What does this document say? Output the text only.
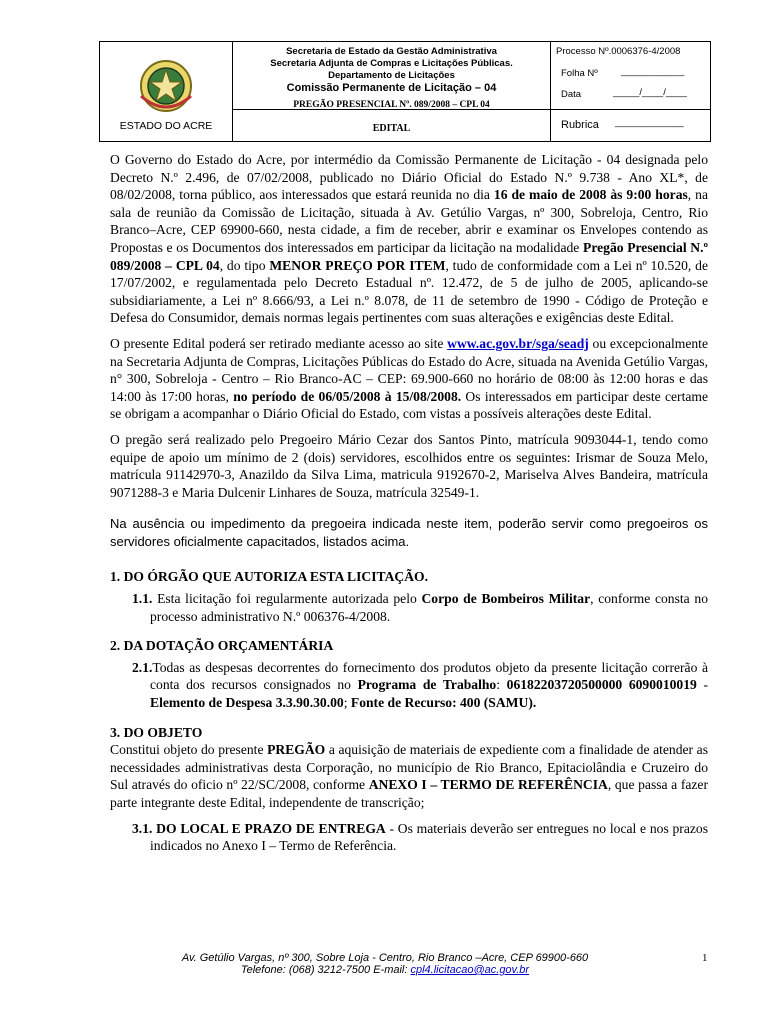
ESTADO DO ACRE
Secretaria de Estado da Gestão Administrativa
Secretaria Adjunta de Compras e Licitações Públicas.
Departamento de Licitações
Comissão Permanente de Licitação – 04
PREGÃO PRESENCIAL Nº. 089/2008 – CPL 04
EDITAL
Processo Nº.0006376-4/2008
Folha Nº ____________
Data	_____/____/____
Rubrica _____________

O Governo do Estado do Acre, por intermédio da Comissão Permanente de Licitação - 04 designada pelo Decreto N.º 2.496, de 07/02/2008, publicado no Diário Oficial do Estado N.º 9.738 - Ano XL*, de 08/02/2008, torna público, aos interessados que estará reunida no dia 16 de maio de 2008 às 9:00 horas, na sala de reunião da Comissão de Licitação, situada à Av. Getúlio Vargas, nº 300, Sobreloja, Centro, Rio Branco–Acre, CEP 69900-660, nesta cidade, a fim de receber, abrir e examinar os Envelopes contendo as Propostas e os Documentos dos interessados em participar da licitação na modalidade Pregão Presencial N.º 089/2008 – CPL 04, do tipo MENOR PREÇO POR ITEM, tudo de conformidade com a Lei nº 10.520, de 17/07/2002, e regulamentada pelo Decreto Estadual nº. 12.472, de 5 de julho de 2005, aplicando-se subsidiariamente, a Lei nº 8.666/93, a Lei n.º 8.078, de 11 de setembro de 1990 - Código de Proteção e Defesa do Consumidor, demais normas legais pertinentes com suas alterações e exigências deste Edital.

O presente Edital poderá ser retirado mediante acesso ao site www.ac.gov.br/sga/seadj ou excepcionalmente na Secretaria Adjunta de Compras, Licitações Públicas do Estado do Acre, situada na Avenida Getúlio Vargas, n° 300, Sobreloja - Centro – Rio Branco-AC – CEP: 69.900-660 no horário de 08:00 às 12:00 horas e das 14:00 às 17:00 horas, no período de 06/05/2008 à 15/08/2008. Os interessados em participar deste certame se obrigam a acompanhar o Diário Oficial do Estado, com vistas a possíveis alterações deste Edital.

O pregão será realizado pelo Pregoeiro Mário Cezar dos Santos Pinto, matrícula 9093044-1, tendo como equipe de apoio um mínimo de 2 (dois) servidores, escolhidos entre os seguintes: Irismar de Souza Melo, matrícula 91142970-3, Anazildo da Silva Lima, matricula 9192670-2, Mariselva Alves Bandeira, matrícula 9071288-3 e Maria Dulcenir Linhares de Souza, matrícula 32549-1.

Na ausência ou impedimento da pregoeira indicada neste item, poderão servir como pregoeiros os servidores oficialmente capacitados, listados acima.

1. DO ÓRGÃO QUE AUTORIZA ESTA LICITAÇÃO.

1.1. Esta licitação foi regularmente autorizada pelo Corpo de Bombeiros Militar, conforme consta no processo administrativo N.º 006376-4/2008.

2. DA DOTAÇÃO ORÇAMENTÁRIA

2.1.Todas as despesas decorrentes do fornecimento dos produtos objeto da presente licitação correrão à conta dos recursos consignados no Programa de Trabalho: 06182203720500000 6090010019 - Elemento de Despesa 3.3.90.30.00; Fonte de Recurso: 400 (SAMU).

3. DO OBJETO

Constitui objeto do presente PREGÃO a aquisição de materiais de expediente com a finalidade de atender as necessidades administrativas desta Corporação, no município de Rio Branco, Epitaciolândia e Cruzeiro do Sul através do oficio nº 22/SC/2008, conforme ANEXO I – TERMO DE REFERÊNCIA, que passa a fazer parte integrante deste Edital, independente de transcrição;

3.1. DO LOCAL E PRAZO DE ENTREGA - Os materiais deverão ser entregues no local e nos prazos indicados no Anexo I – Termo de Referência.

Av. Getúlio Vargas, nº 300, Sobre Loja - Centro, Rio Branco –Acre, CEP 69900-660
Telefone: (068) 3212-7500 E-mail: cpl4.licitacao@ac.gov.br
1
